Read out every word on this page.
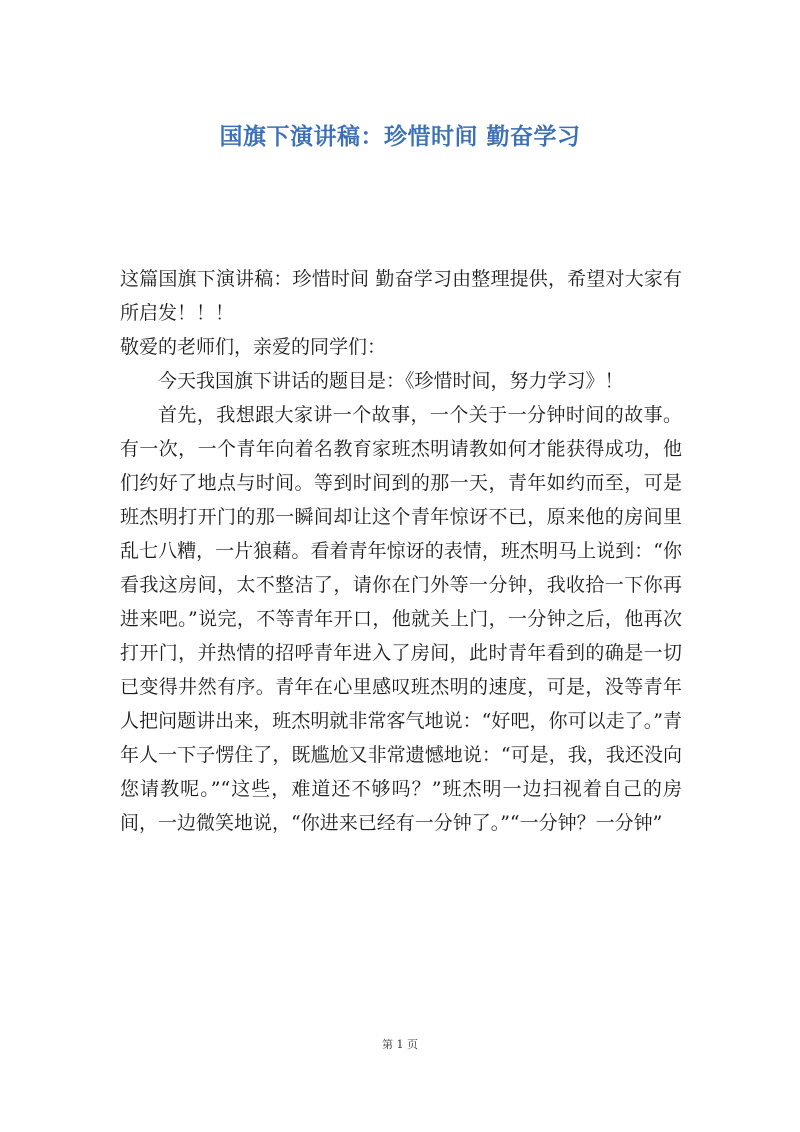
国旗下演讲稿：珍惜时间 勤奋学习

这篇国旗下演讲稿：珍惜时间 勤奋学习由整理提供，希望对大家有所启发！！！

敬爱的老师们，亲爱的同学们：

今天我国旗下讲话的题目是：《珍惜时间，努力学习》！

首先，我想跟大家讲一个故事，一个关于一分钟时间的故事。有一次，一个青年向着名教育家班杰明请教如何才能获得成功，他们约好了地点与时间。等到时间到的那一天，青年如约而至，可是班杰明打开门的那一瞬间却让这个青年惊讶不已，原来他的房间里乱七八糟，一片狼藉。看着青年惊讶的表情，班杰明马上说到：“你看我这房间，太不整洁了，请你在门外等一分钟，我收拾一下你再进来吧。”说完，不等青年开口，他就关上门，一分钟之后，他再次打开门，并热情的招呼青年进入了房间，此时青年看到的确是一切已变得井然有序。青年在心里感叹班杰明的速度，可是，没等青年人把问题讲出来，班杰明就非常客气地说：“好吧，你可以走了。”青年人一下子愣住了，既尴尬又非常遗憾地说：“可是，我，我还没向您请教呢。”“这些，难道还不够吗？”班杰明一边扫视着自己的房间，一边微笑地说，“你进来已经有一分钟了。”“一分钟？一分钟”

第 1 页
